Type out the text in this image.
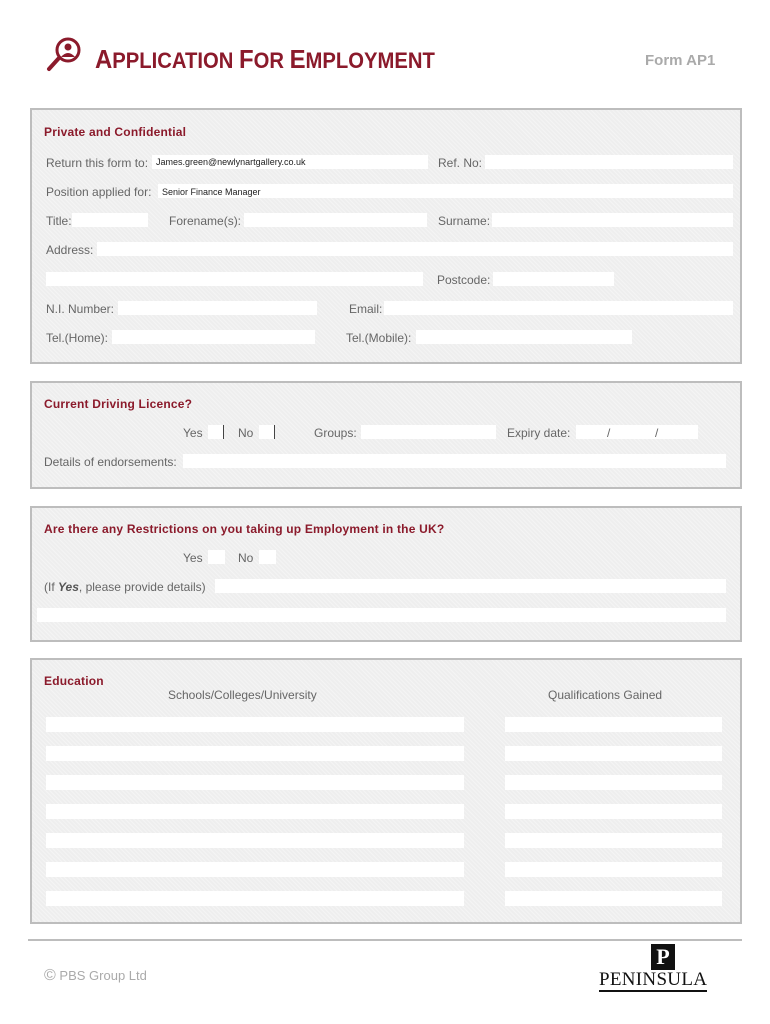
APPLICATION FOR EMPLOYMENT	Form AP1
Private and Confidential
Return this form to: James.green@newlynartgallery.co.uk	Ref. No:
Position applied for: Senior Finance Manager
Title:	Forename(s):	Surname:
Address:
Postcode:
N.I. Number:	Email:
Tel.(Home):	Tel.(Mobile):
Current Driving Licence?
Yes	No	Groups:	Expiry date:	/	/
Details of endorsements:
Are there any Restrictions on you taking up Employment in the UK?
Yes	No
(If Yes, please provide details)
Education
Schools/Colleges/University	Qualifications Gained
© PBS Group Ltd
P
PENINSULA
